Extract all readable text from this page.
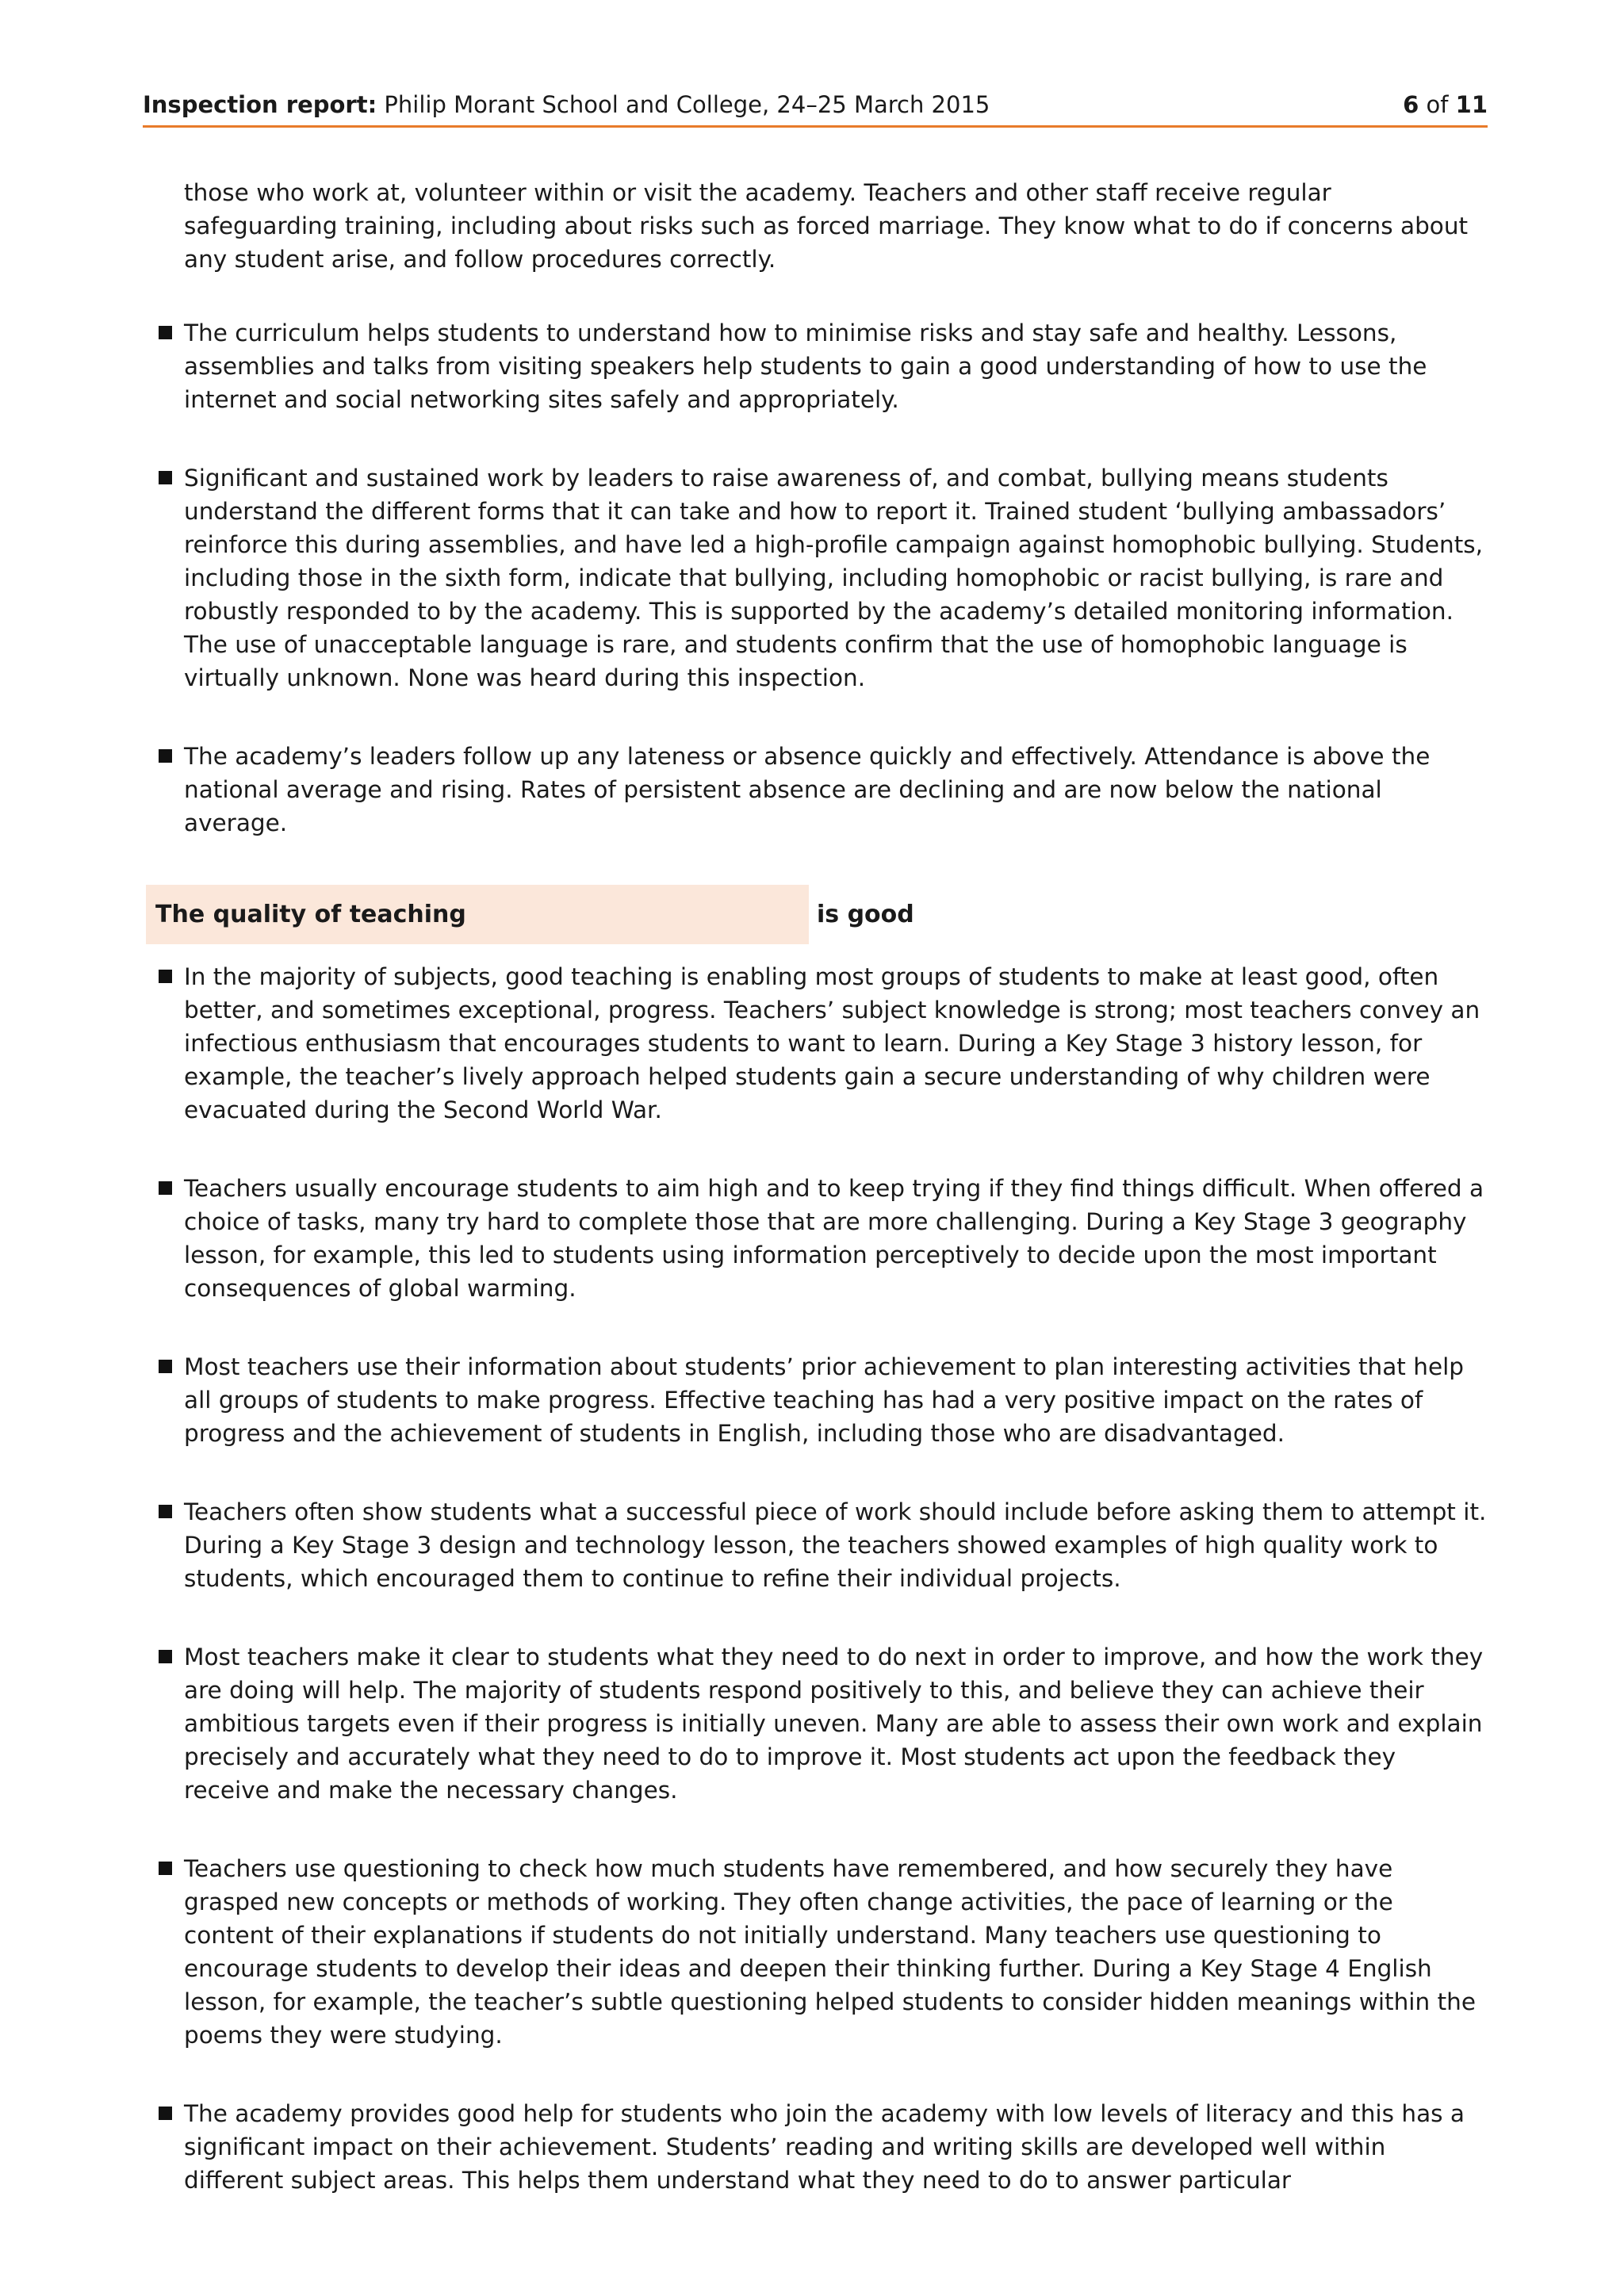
Inspection report: Philip Morant School and College, 24–25 March 2015	6 of 11

those who work at, volunteer within or visit the academy. Teachers and other staff receive regular safeguarding training, including about risks such as forced marriage. They know what to do if concerns about any student arise, and follow procedures correctly.

The curriculum helps students to understand how to minimise risks and stay safe and healthy. Lessons, assemblies and talks from visiting speakers help students to gain a good understanding of how to use the internet and social networking sites safely and appropriately.
Significant and sustained work by leaders to raise awareness of, and combat, bullying means students understand the different forms that it can take and how to report it. Trained student ‘bullying ambassadors’ reinforce this during assemblies, and have led a high-profile campaign against homophobic bullying. Students, including those in the sixth form, indicate that bullying, including homophobic or racist bullying, is rare and robustly responded to by the academy. This is supported by the academy’s detailed monitoring information. The use of unacceptable language is rare, and students confirm that the use of homophobic language is virtually unknown. None was heard during this inspection.
The academy’s leaders follow up any lateness or absence quickly and effectively. Attendance is above the national average and rising. Rates of persistent absence are declining and are now below the national average.
The quality of teaching	is good
In the majority of subjects, good teaching is enabling most groups of students to make at least good, often better, and sometimes exceptional, progress. Teachers’ subject knowledge is strong; most teachers convey an infectious enthusiasm that encourages students to want to learn. During a Key Stage 3 history lesson, for example, the teacher’s lively approach helped students gain a secure understanding of why children were evacuated during the Second World War.
Teachers usually encourage students to aim high and to keep trying if they find things difficult. When offered a choice of tasks, many try hard to complete those that are more challenging. During a Key Stage 3 geography lesson, for example, this led to students using information perceptively to decide upon the most important consequences of global warming.
Most teachers use their information about students’ prior achievement to plan interesting activities that help all groups of students to make progress. Effective teaching has had a very positive impact on the rates of progress and the achievement of students in English, including those who are disadvantaged.
Teachers often show students what a successful piece of work should include before asking them to attempt it. During a Key Stage 3 design and technology lesson, the teachers showed examples of high quality work to students, which encouraged them to continue to refine their individual projects.
Most teachers make it clear to students what they need to do next in order to improve, and how the work they are doing will help. The majority of students respond positively to this, and believe they can achieve their ambitious targets even if their progress is initially uneven. Many are able to assess their own work and explain precisely and accurately what they need to do to improve it. Most students act upon the feedback they receive and make the necessary changes.
Teachers use questioning to check how much students have remembered, and how securely they have grasped new concepts or methods of working. They often change activities, the pace of learning or the content of their explanations if students do not initially understand. Many teachers use questioning to encourage students to develop their ideas and deepen their thinking further. During a Key Stage 4 English lesson, for example, the teacher’s subtle questioning helped students to consider hidden meanings within the poems they were studying.
The academy provides good help for students who join the academy with low levels of literacy and this has a significant impact on their achievement. Students’ reading and writing skills are developed well within different subject areas. This helps them understand what they need to do to answer particular
